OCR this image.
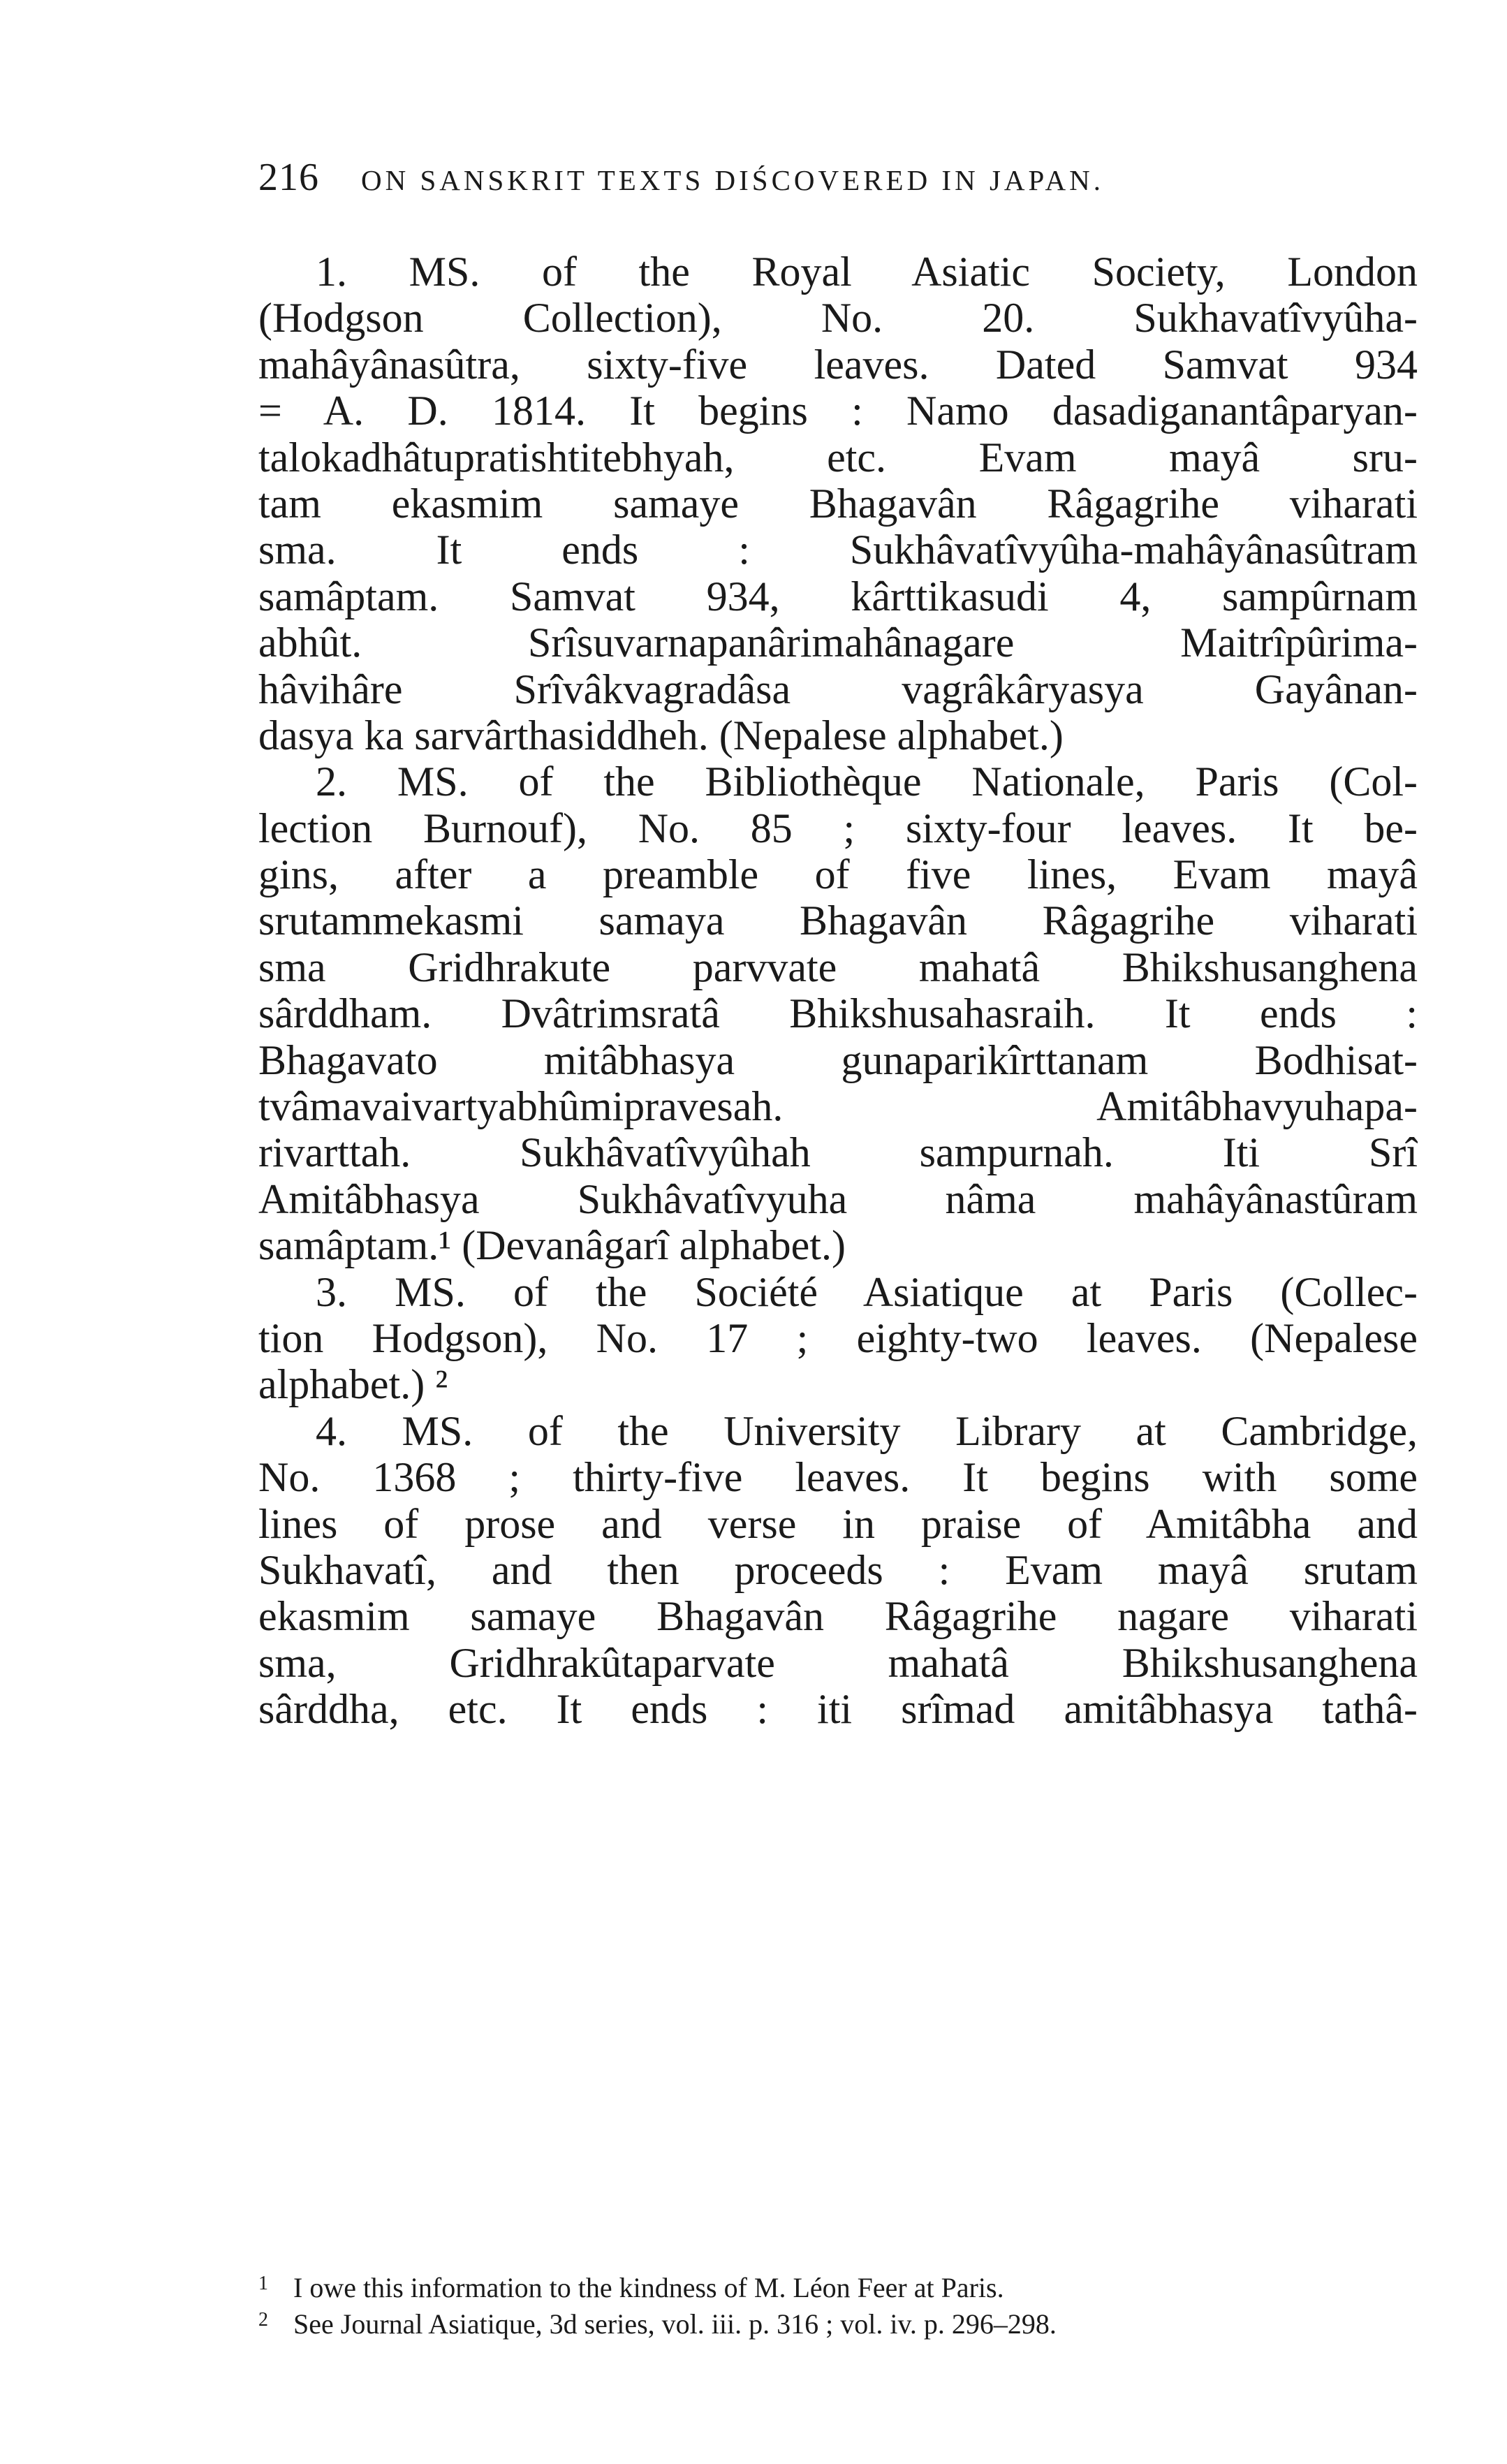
216 ON SANSKRIT TEXTS DIŚCOVERED IN JAPAN.
1. MS. of the Royal Asiatic Society, London
(Hodgson Collection), No. 20. Sukhavatîvyûha-
mahâyânasûtra, sixty-five leaves. Dated Samvat 934
= A. D. 1814. It begins : Namo dasadiganantâparyan-
talokadhâtupratishtitebhyah, etc. Evam mayâ sru-
tam ekasmim samaye Bhagavân Râgagrihe viharati
sma. It ends : Sukhâvatîvyûha-mahâyânasûtram
samâptam. Samvat 934, kârttikasudi 4, sampûrnam
abhût. Srîsuvarnapanârimahânagare Maitrîpûrima-
hâvihâre Srîvâkvagradâsa vagrâkâryasya Gayânan-
dasya ka sarvârthasiddheh. (Nepalese alphabet.)
2. MS. of the Bibliothèque Nationale, Paris (Col-
lection Burnouf), No. 85 ; sixty-four leaves. It be-
gins, after a preamble of five lines, Evam mayâ
srutammekasmi samaya Bhagavân Râgagrihe viharati
sma Gridhrakute parvvate mahatâ Bhikshusanghena
sârddham. Dvâtrimsratâ Bhikshusahasraih. It ends :
Bhagavato mitâbhasya gunaparikîrttanam Bodhisat-
tvâmavaivartyabhûmipravesah. Amitâbhavyuhapa-
rivarttah. Sukhâvatîvyûhah sampurnah. Iti Srî
Amitâbhasya Sukhâvatîvyuha nâma mahâyânastûram
samâptam.¹ (Devanâgarî alphabet.)
3. MS. of the Société Asiatique at Paris (Collec-
tion Hodgson), No. 17 ; eighty-two leaves. (Nepalese
alphabet.) ²
4. MS. of the University Library at Cambridge,
No. 1368 ; thirty-five leaves. It begins with some
lines of prose and verse in praise of Amitâbha and
Sukhavatî, and then proceeds : Evam mayâ srutam
ekasmim samaye Bhagavân Râgagrihe nagare viharati
sma, Gridhrakûtaparvate mahatâ Bhikshusanghena
sârddha, etc. It ends : iti srîmad amitâbhasya tathâ-
1 I owe this information to the kindness of M. Léon Feer at Paris.
2 See Journal Asiatique, 3d series, vol. iii. p. 316 ; vol. iv. p. 296–298.
